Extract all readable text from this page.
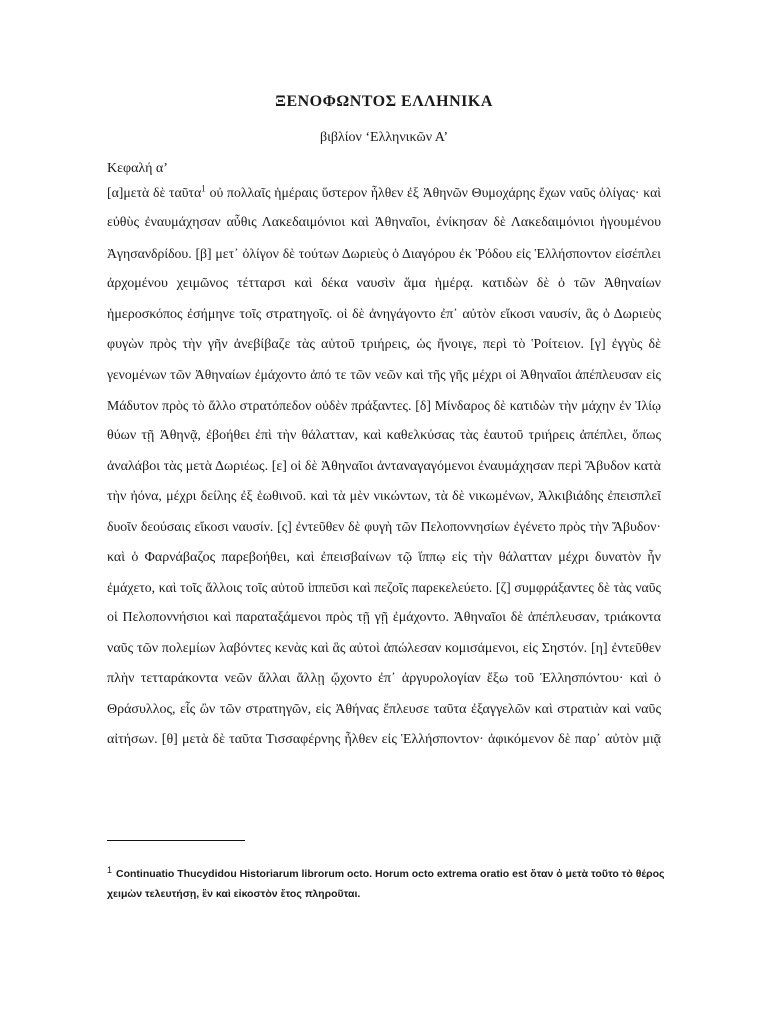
ΞΕΝΟΦΩΝΤΟΣ ΕΛΛΗΝΙΚΑ
βιβλίον ‘Ελληνικῶν Α’
Κεφαλή α’
[α]μετὰ δὲ ταῦτα$^1$ οὐ πολλαῖς ἡμέραις ὕστερον ἦλθεν ἐξ Ἀθηνῶν Θυμοχάρης ἔχων ναῦς ὀλίγας· καὶ
εὐθὺς ἐναυμάχησαν αὖθις Λακεδαιμόνιοι καὶ Ἀθηναῖοι, ἐνίκησαν δὲ Λακεδαιμόνιοι ἡγουμένου
Ἀγησανδρίδου. [β] μετ᾽ ὀλίγον δὲ τούτων Δωριεὺς ὁ Διαγόρου ἐκ Ῥόδου εἰς Ἑλλήσποντον εἰσέπλει
ἀρχομένου χειμῶνος τέτταρσι καὶ δέκα ναυσὶν ἅμα ἡμέρᾳ. κατιδὼν δὲ ὁ τῶν Ἀθηναίων
ἡμεροσκόπος ἐσήμηνε τοῖς στρατηγοῖς. οἱ δὲ ἀνηγάγοντο ἐπ᾽ αὐτὸν εἴκοσι ναυσίν, ἃς ὁ Δωριεὺς
φυγὼν πρὸς τὴν γῆν ἀνεβίβαζε τὰς αὑτοῦ τριήρεις, ὡς ἤνοιγε, περὶ τὸ Ῥοίτειον. [γ] ἐγγὺς δὲ
γενομένων τῶν Ἀθηναίων ἐμάχοντο ἀπό τε τῶν νεῶν καὶ τῆς γῆς μέχρι οἱ Ἀθηναῖοι ἀπέπλευσαν εἰς
Μάδυτον πρὸς τὸ ἄλλο στρατόπεδον οὐδὲν πράξαντες. [δ] Μίνδαρος δὲ κατιδὼν τὴν μάχην ἐν Ἰλίῳ
θύων τῇ Ἀθηνᾷ, ἐβοήθει ἐπὶ τὴν θάλατταν, καὶ καθελκύσας τὰς ἑαυτοῦ τριήρεις ἀπέπλει, ὅπως
ἀναλάβοι τὰς μετὰ Δωριέως. [ε] οἱ δὲ Ἀθηναῖοι ἀνταναγαγόμενοι ἐναυμάχησαν περὶ Ἄβυδον κατὰ
τὴν ἠόνα, μέχρι δείλης ἐξ ἑωθινοῦ. καὶ τὰ μὲν νικώντων, τὰ δὲ νικωμένων, Ἀλκιβιάδης ἐπεισπλεῖ
δυοῖν δεούσαις εἴκοσι ναυσίν. [ς] ἐντεῦθεν δὲ φυγὴ τῶν Πελοποννησίων ἐγένετο πρὸς τὴν Ἄβυδον·
καὶ ὁ Φαρνάβαζος παρεβοήθει, καὶ ἐπεισβαίνων τῷ ἵππῳ εἰς τὴν θάλατταν μέχρι δυνατὸν ἦν
ἐμάχετο, καὶ τοῖς ἄλλοις τοῖς αὑτοῦ ἱππεῦσι καὶ πεζοῖς παρεκελεύετο. [ζ] συμφράξαντες δὲ τὰς ναῦς
οἱ Πελοποννήσιοι καὶ παραταξάμενοι πρὸς τῇ γῇ ἐμάχοντο. Ἀθηναῖοι δὲ ἀπέπλευσαν, τριάκοντα
ναῦς τῶν πολεμίων λαβόντες κενὰς καὶ ἃς αὐτοὶ ἀπώλεσαν κομισάμενοι, εἰς Σηστόν. [η] ἐντεῦθεν
πλὴν τετταράκοντα νεῶν ἄλλαι ἄλλῃ ᾤχοντο ἐπ᾽ ἀργυρολογίαν ἔξω τοῦ Ἑλλησπόντου· καὶ ὁ
Θράσυλλος, εἷς ὢν τῶν στρατηγῶν, εἰς Ἀθήνας ἔπλευσε ταῦτα ἐξαγγελῶν καὶ στρατιὰν καὶ ναῦς
αἰτήσων. [θ] μετὰ δὲ ταῦτα Τισσαφέρνης ἦλθεν εἰς Ἑλλήσποντον· ἀφικόμενον δὲ παρ᾽ αὐτὸν μιᾷ
1 Continuatio Thucydidou Historiarum librorum octo. Horum octo extrema oratio est ὅταν ὁ μετὰ τοῦτο τὸ θέρος χειμὼν τελευτήσῃ, ἓν καὶ εἰκοστὸν ἔτος πληροῦται.
